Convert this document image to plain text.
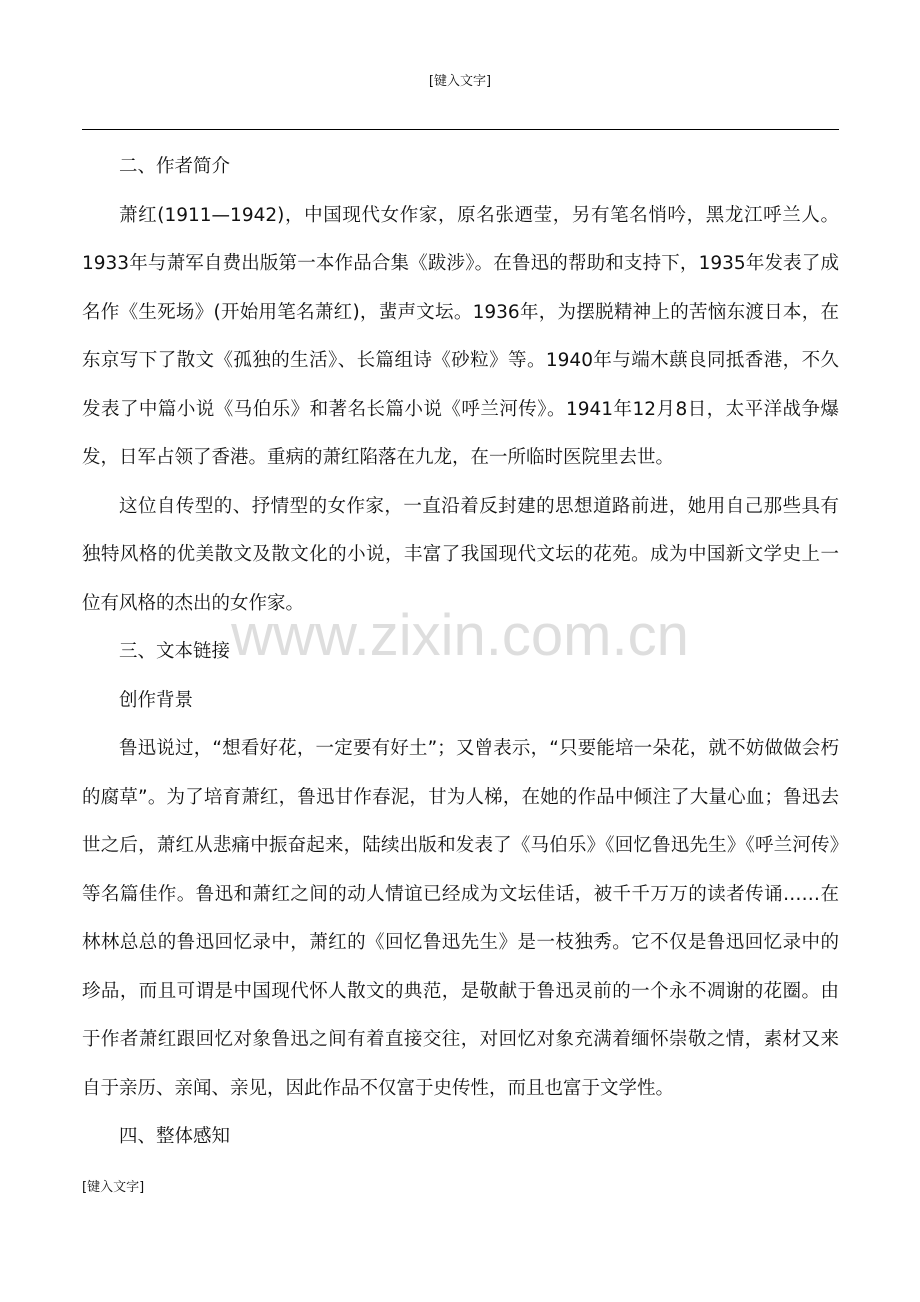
[键入文字]

二、作者简介

萧红(1911—1942)，中国现代女作家，原名张迺莹，另有笔名悄吟，黑龙江呼兰人。1933年与萧军自费出版第一本作品合集《跋涉》。在鲁迅的帮助和支持下，1935年发表了成名作《生死场》(开始用笔名萧红)，蜚声文坛。1936年，为摆脱精神上的苦恼东渡日本，在东京写下了散文《孤独的生活》、长篇组诗《砂粒》等。1940年与端木蕻良同抵香港，不久发表了中篇小说《马伯乐》和著名长篇小说《呼兰河传》。1941年12月8日，太平洋战争爆发，日军占领了香港。重病的萧红陷落在九龙，在一所临时医院里去世。

这位自传型的、抒情型的女作家，一直沿着反封建的思想道路前进，她用自己那些具有独特风格的优美散文及散文化的小说，丰富了我国现代文坛的花苑。成为中国新文学史上一位有风格的杰出的女作家。

三、文本链接

创作背景

鲁迅说过，“想看好花，一定要有好土”；又曾表示，“只要能培一朵花，就不妨做做会朽的腐草”。为了培育萧红，鲁迅甘作春泥，甘为人梯，在她的作品中倾注了大量心血；鲁迅去世之后，萧红从悲痛中振奋起来，陆续出版和发表了《马伯乐》《回忆鲁迅先生》《呼兰河传》等名篇佳作。鲁迅和萧红之间的动人情谊已经成为文坛佳话，被千千万万的读者传诵……在林林总总的鲁迅回忆录中，萧红的《回忆鲁迅先生》是一枝独秀。它不仅是鲁迅回忆录中的珍品，而且可谓是中国现代怀人散文的典范，是敬献于鲁迅灵前的一个永不凋谢的花圈。由于作者萧红跟回忆对象鲁迅之间有着直接交往，对回忆对象充满着缅怀崇敬之情，素材又来自于亲历、亲闻、亲见，因此作品不仅富于史传性，而且也富于文学性。

四、整体感知

www.zixin.com.cn
[键入文字]
